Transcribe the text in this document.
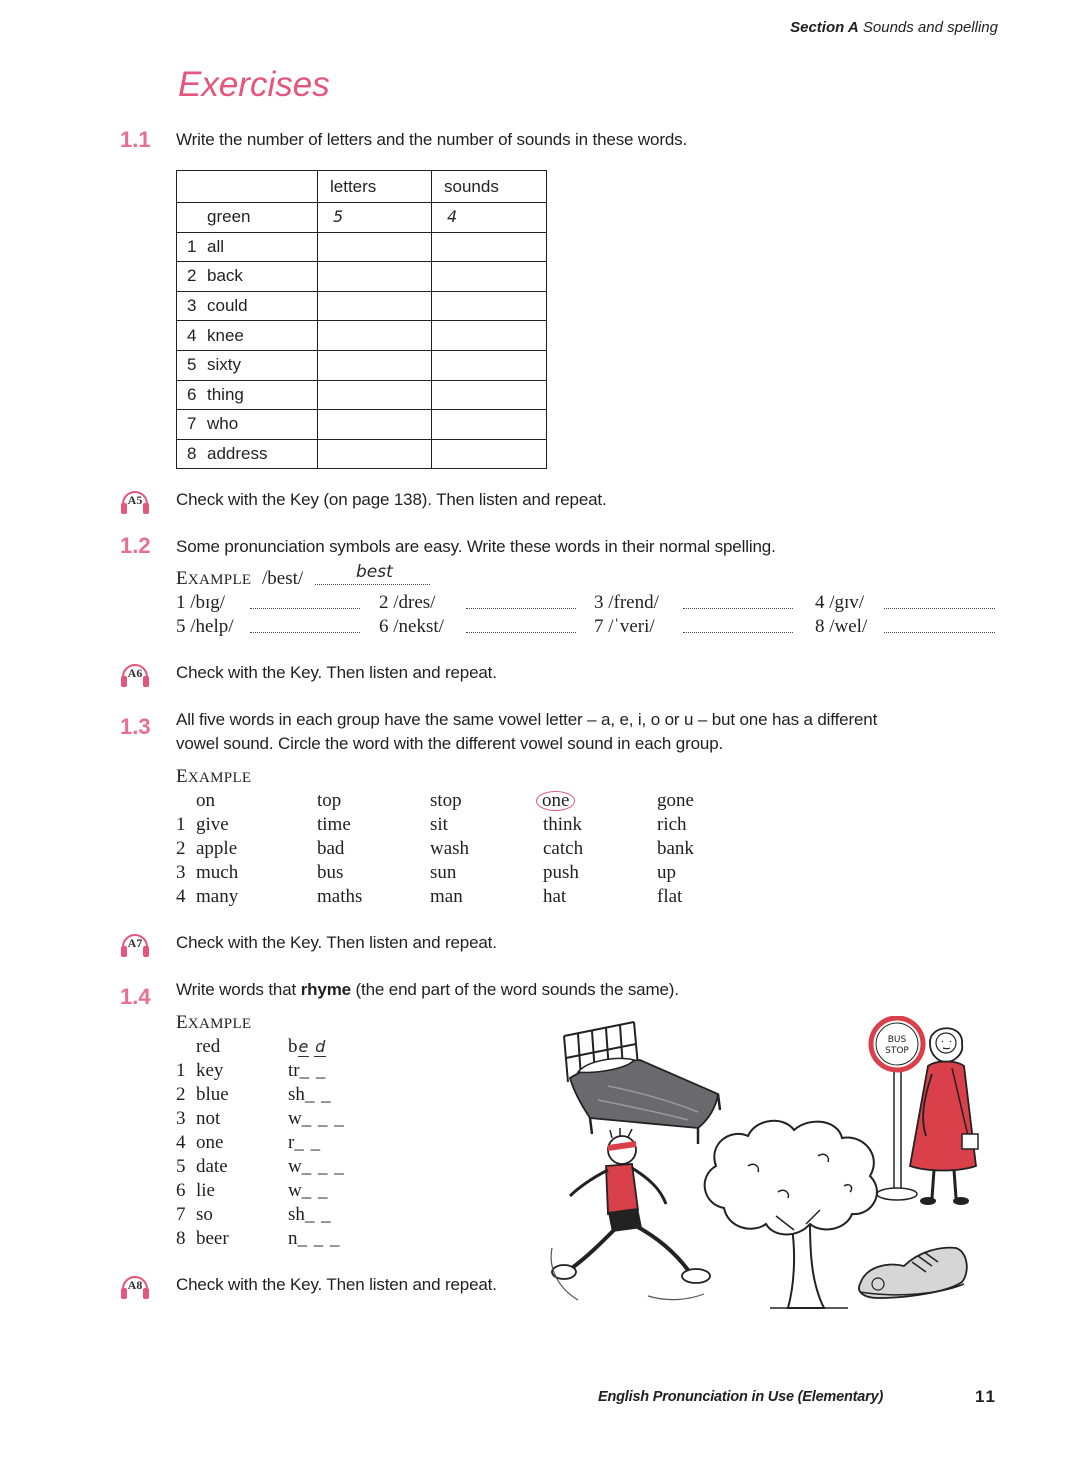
Section A Sounds and spelling
Exercises
1.1 Write the number of letters and the number of sounds in these words.
	letters	sounds
green	5	4
1 all		
2 back		
3 could		
4 knee		
5 sixty		
6 thing		
7 who		
8 address		
A5	Check with the Key (on page 138). Then listen and repeat.
1.2 Some pronunciation symbols are easy. Write these words in their normal spelling.
EXAMPLE /best/	best
1 /bɪg/	2 /dres/	3 /frend/	4 /gɪv/
5 /help/	6 /nekst/	7 /ˈveri/	8 /wel/
A6	Check with the Key. Then listen and repeat.
1.3 All five words in each group have the same vowel letter – a, e, i, o or u – but one has a different
vowel sound. Circle the word with the different vowel sound in each group.
EXAMPLE
on	top	stop	one	gone
1 give	time	sit	think	rich
2 apple	bad	wash	catch	bank
3 much	bus	sun	push	up
4 many	maths	man	hat	flat
A7	Check with the Key. Then listen and repeat.
1.4 Write words that rhyme (the end part of the word sounds the same).
EXAMPLE
red	be d
1 key	tr_ _
2 blue	sh_ _
3 not	w_ _ _
4 one	r_ _
5 date	w_ _ _
6 lie	w_ _
7 so	sh_ _
8 beer	n_ _ _
BUS
STOP
A8	Check with the Key. Then listen and repeat.
English Pronunciation in Use (Elementary)	11
